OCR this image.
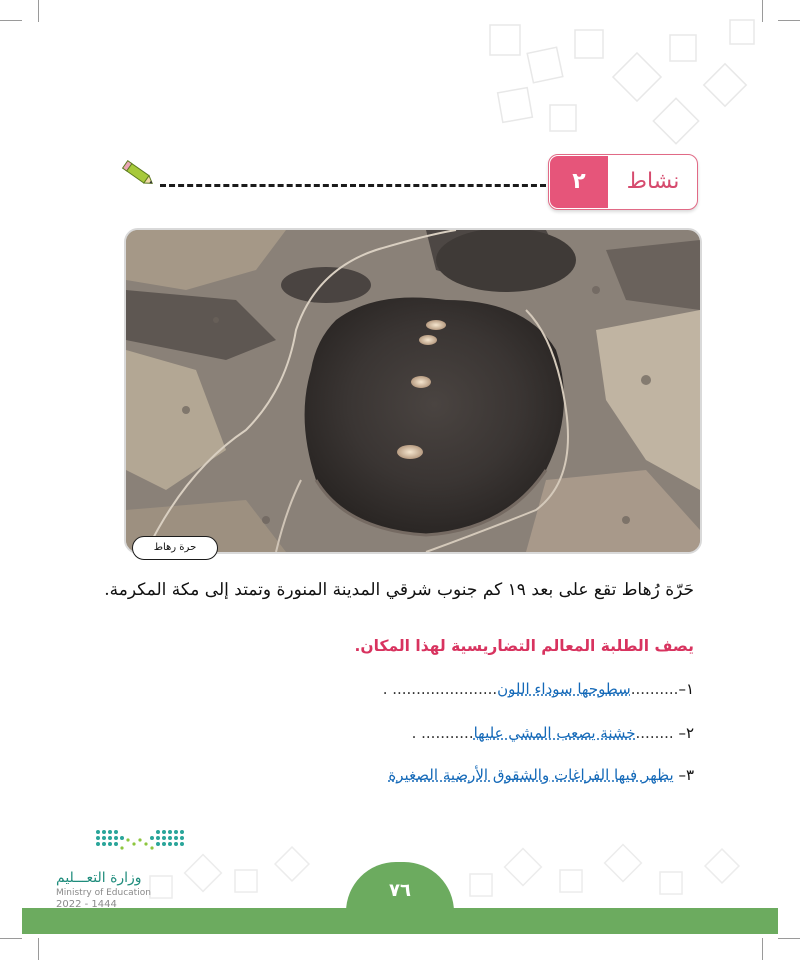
٢	نشاط
حرة رهاط
حَرّة رُهاط تقع على بعد ١٩ كم جنوب شرقي المدينة المنورة وتمتد إلى مكة المكرمة.
يصف الطلبة المعالم التضاريسية لهذا المكان.
١–..........سطوحها سوداء اللون...................... .
٢– ........خشنة يصعب المشي عليها........... .
٣– يظهر فيها الفراغات والشقوق الأرضية الصغيرة
٧٦
وزارة التعـــليم
Ministry of Education
2022 - 1444
